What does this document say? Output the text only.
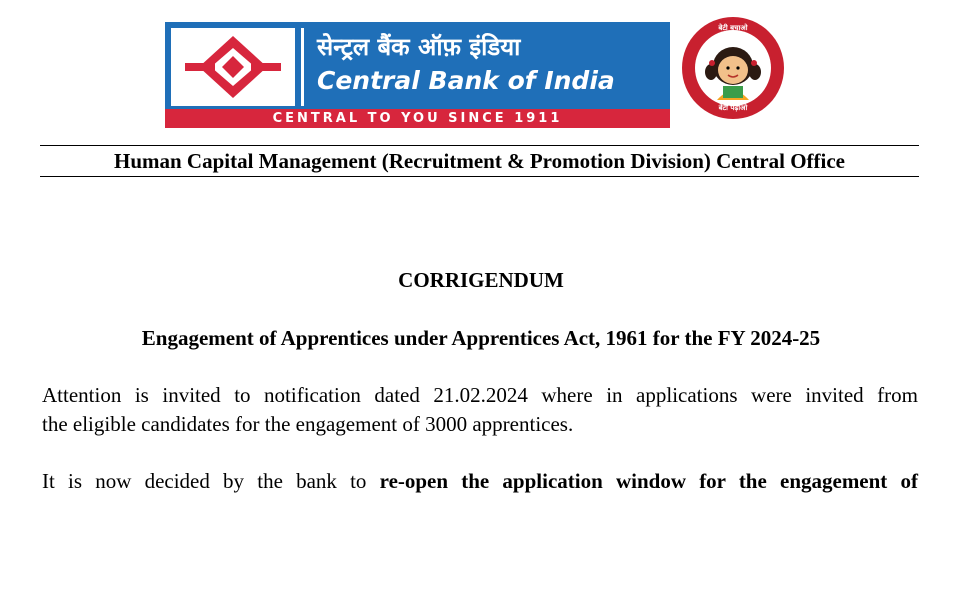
सेन्ट्रल बैंक ऑफ़ इंडिया
Central Bank of India
CENTRAL TO YOU SINCE 1911
बेटी बचाओ
बेटी पढ़ाओ
Human Capital Management (Recruitment & Promotion Division) Central Office
CORRIGENDUM
Engagement of Apprentices under Apprentices Act, 1961 for the FY 2024-25
Attention is invited to notification dated 21.02.2024 where in applications were invited from
the eligible candidates for the engagement of 3000 apprentices.
It is now decided by the bank to re-open the application window for the engagement of
